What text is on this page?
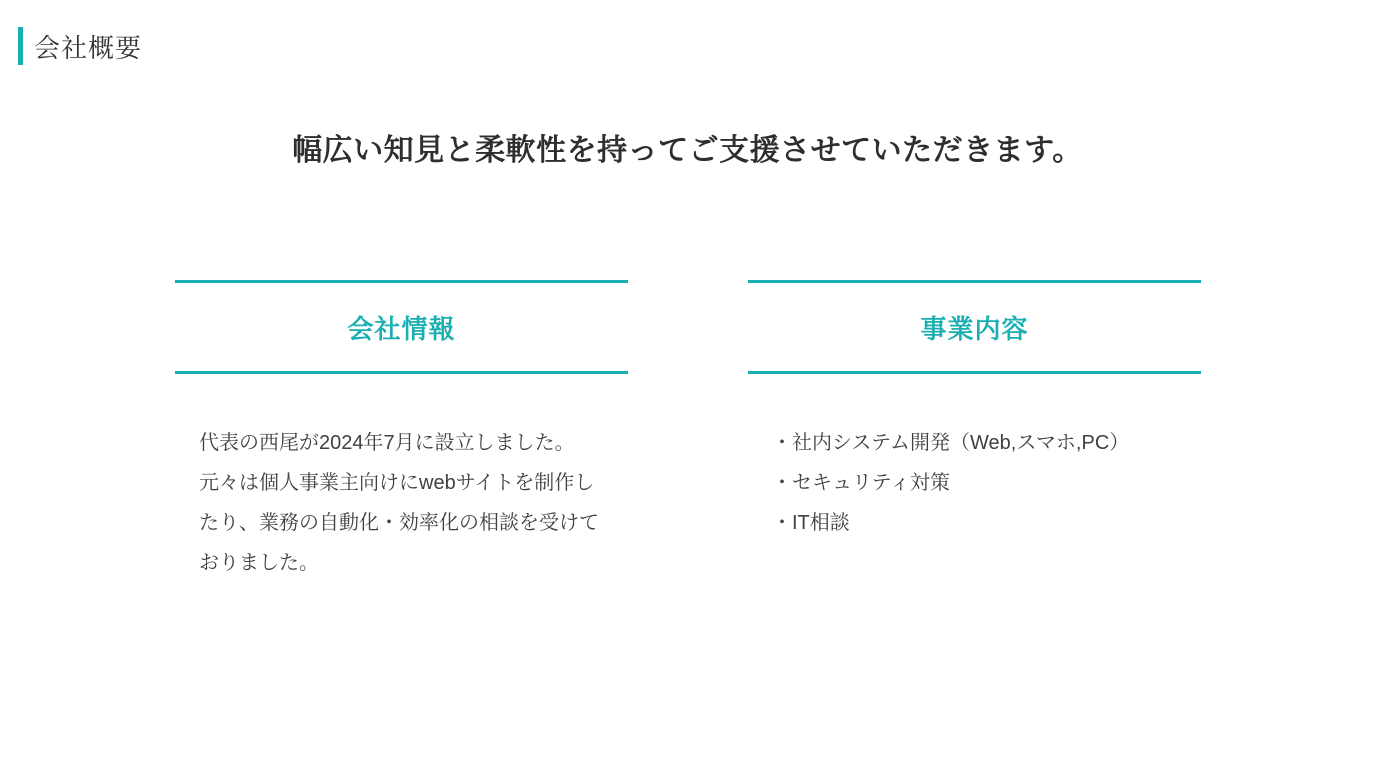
会社概要
幅広い知見と柔軟性を持ってご支援させていただきます。
会社情報
代表の西尾が2024年7月に設立しました。元々は個人事業主向けにwebサイトを制作したり、業務の自動化・効率化の相談を受けておりました。
事業内容
・社内システム開発（Web,スマホ,PC）
・セキュリティ対策
・IT相談
